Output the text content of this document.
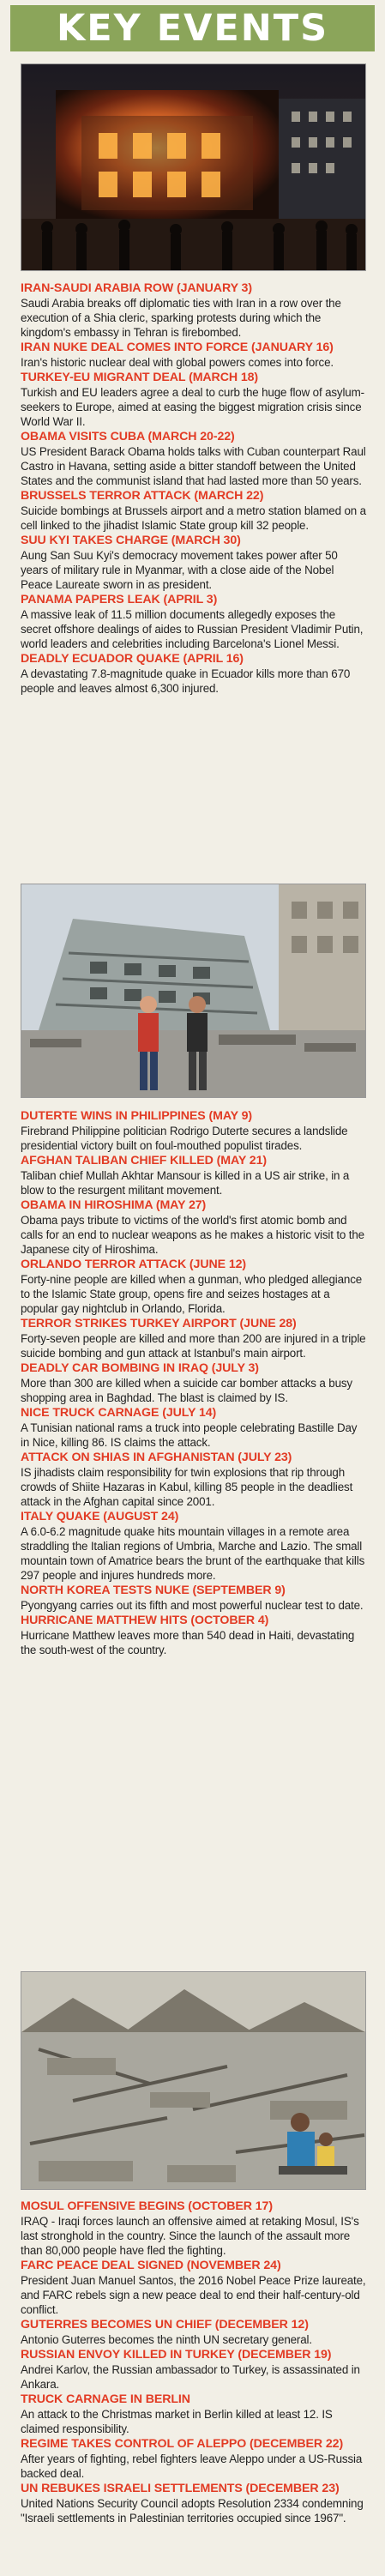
KEY EVENTS
IRAN-SAUDI ARABIA ROW (JANUARY 3)
Saudi Arabia breaks off diplomatic ties with Iran in a row over the execution of a Shia cleric, sparking protests during which the kingdom's embassy in Tehran is firebombed.
IRAN NUKE DEAL COMES INTO FORCE (JANUARY 16)
Iran's historic nuclear deal with global powers comes into force.
TURKEY-EU MIGRANT DEAL (MARCH 18)
Turkish and EU leaders agree a deal to curb the huge flow of asylum-seekers to Europe, aimed at easing the biggest migration crisis since World War II.
OBAMA VISITS CUBA (MARCH 20-22)
US President Barack Obama holds talks with Cuban counterpart Raul Castro in Havana, setting aside a bitter standoff between the United States and the communist island that had lasted more than 50 years.
BRUSSELS TERROR ATTACK (MARCH 22)
Suicide bombings at Brussels airport and a metro station blamed on a cell linked to the jihadist Islamic State group kill 32 people.
SUU KYI TAKES CHARGE (MARCH 30)
Aung San Suu Kyi's democracy movement takes power after 50 years of military rule in Myanmar, with a close aide of the Nobel Peace Laureate sworn in as president.
PANAMA PAPERS LEAK (APRIL 3)
A massive leak of 11.5 million documents allegedly exposes the secret offshore dealings of aides to Russian President Vladimir Putin, world leaders and celebrities including Barcelona's Lionel Messi.
DEADLY ECUADOR QUAKE (APRIL 16)
A devastating 7.8-magnitude quake in Ecuador kills more than 670 people and leaves almost 6,300 injured.
DUTERTE WINS IN PHILIPPINES (MAY 9)
Firebrand Philippine politician Rodrigo Duterte secures a landslide presidential victory built on foul-mouthed populist tirades.
AFGHAN TALIBAN CHIEF KILLED (MAY 21)
Taliban chief Mullah Akhtar Mansour is killed in a US air strike, in a blow to the resurgent militant movement.
OBAMA IN HIROSHIMA (MAY 27)
Obama pays tribute to victims of the world's first atomic bomb and calls for an end to nuclear weapons as he makes a historic visit to the Japanese city of Hiroshima.
ORLANDO TERROR ATTACK (JUNE 12)
Forty-nine people are killed when a gunman, who pledged allegiance to the Islamic State group, opens fire and seizes hostages at a popular gay nightclub in Orlando, Florida.
TERROR STRIKES TURKEY AIRPORT (JUNE 28)
Forty-seven people are killed and more than 200 are injured in a triple suicide bombing and gun attack at Istanbul's main airport.
DEADLY CAR BOMBING IN IRAQ (JULY 3)
More than 300 are killed when a suicide car bomber attacks a busy shopping area in Baghdad. The blast is claimed by IS.
NICE TRUCK CARNAGE (JULY 14)
A Tunisian national rams a truck into people celebrating Bastille Day in Nice, killing 86. IS claims the attack.
ATTACK ON SHIAS IN AFGHANISTAN (JULY 23)
IS jihadists claim responsibility for twin explosions that rip through crowds of Shiite Hazaras in Kabul, killing 85 people in the deadliest attack in the Afghan capital since 2001.
ITALY QUAKE (AUGUST 24)
A 6.0-6.2 magnitude quake hits mountain villages in a remote area straddling the Italian regions of Umbria, Marche and Lazio. The small mountain town of Amatrice bears the brunt of the earthquake that kills 297 people and injures hundreds more.
NORTH KOREA TESTS NUKE (SEPTEMBER 9)
Pyongyang carries out its fifth and most powerful nuclear test to date.
HURRICANE MATTHEW HITS (OCTOBER 4)
Hurricane Matthew leaves more than 540 dead in Haiti, devastating the south-west of the country.
MOSUL OFFENSIVE BEGINS (OCTOBER 17)
IRAQ - Iraqi forces launch an offensive aimed at retaking Mosul, IS's last stronghold in the country. Since the launch of the assault more than 80,000 people have fled the fighting.
FARC PEACE DEAL SIGNED (NOVEMBER 24)
President Juan Manuel Santos, the 2016 Nobel Peace Prize laureate, and FARC rebels sign a new peace deal to end their half-century-old conflict.
GUTERRES BECOMES UN CHIEF (DECEMBER 12)
Antonio Guterres becomes the ninth UN secretary general.
RUSSIAN ENVOY KILLED IN TURKEY (DECEMBER 19)
Andrei Karlov, the Russian ambassador to Turkey, is assassinated in Ankara.
TRUCK CARNAGE IN BERLIN
An attack to the Christmas market in Berlin killed at least 12. IS claimed responsibility.
REGIME TAKES CONTROL OF ALEPPO (DECEMBER 22)
After years of fighting, rebel fighters leave Aleppo under a US-Russia backed deal.
UN REBUKES ISRAELI SETTLEMENTS (DECEMBER 23)
United Nations Security Council adopts Resolution 2334 condemning "Israeli settlements in Palestinian territories occupied since 1967".
